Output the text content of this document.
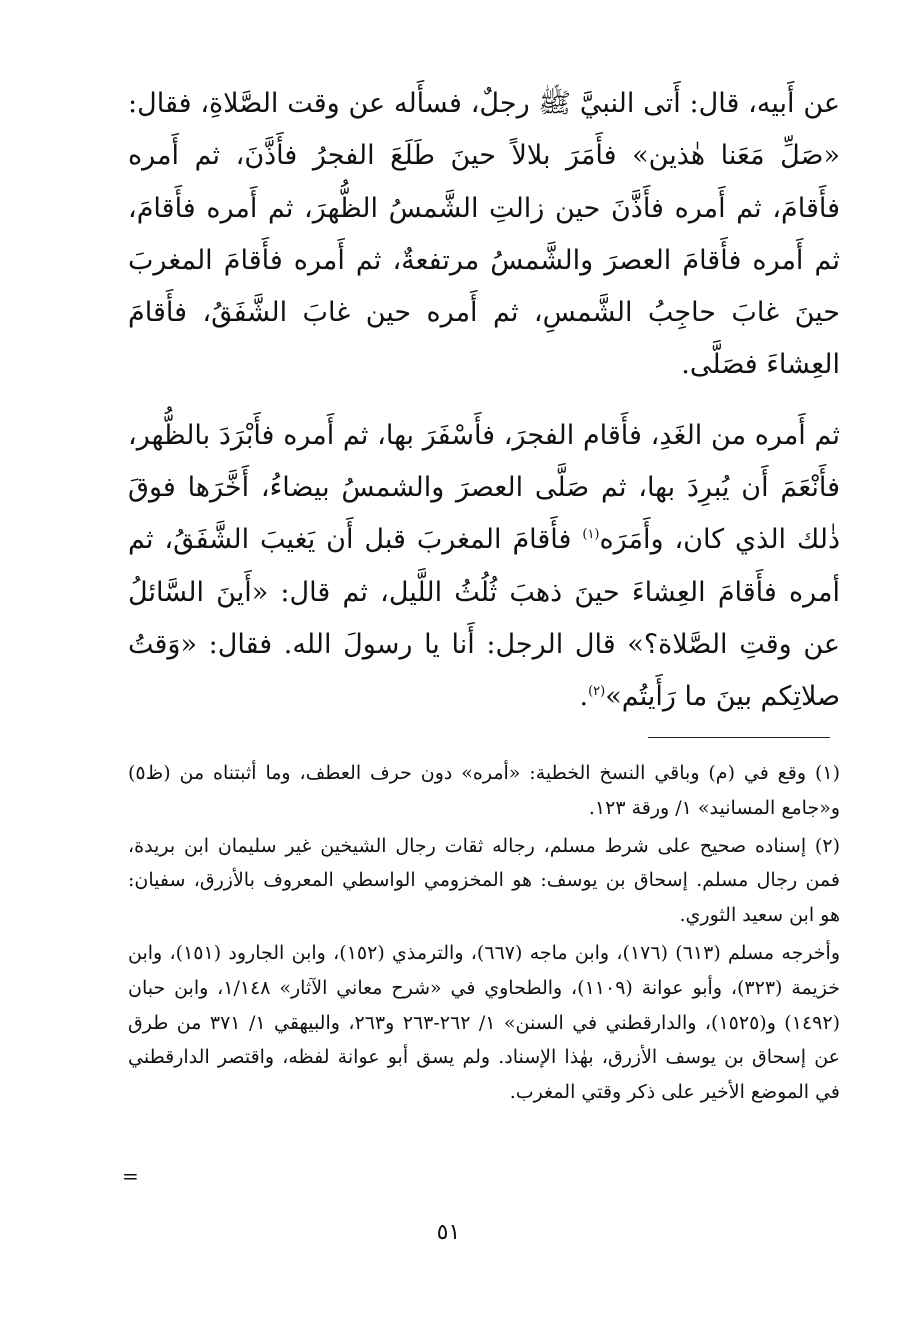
عن أَبيه، قال: أَتى النبيَّ ﷺ رجلٌ، فسأَله عن وقت الصَّلاةِ، فقال: «صَلِّ مَعَنا هٰذين» فأَمَرَ بلالاً حينَ طَلَعَ الفجرُ فأَذَّنَ، ثم أَمره فأَقامَ، ثم أَمره فأَذَّنَ حين زالتِ الشَّمسُ الظُّهرَ، ثم أَمره فأَقامَ، ثم أَمره فأَقامَ العصرَ والشَّمسُ مرتفعةٌ، ثم أَمره فأَقامَ المغربَ حينَ غابَ حاجِبُ الشَّمسِ، ثم أَمره حين غابَ الشَّفَقُ، فأَقامَ العِشاءَ فصَلَّى.

ثم أَمره من الغَدِ، فأَقام الفجرَ، فأَسْفَرَ بها، ثم أَمره فأَبْرَدَ بالظُّهر، فأَنْعَمَ أَن يُبرِدَ بها، ثم صَلَّى العصرَ والشمسُ بيضاءُ، أَخَّرَها فوقَ ذٰلك الذي كان، وأَمَرَه$^{(١)}$ فأَقامَ المغربَ قبل أَن يَغيبَ الشَّفَقُ، ثم أمره فأَقامَ العِشاءَ حينَ ذهبَ ثُلُثُ اللَّيل، ثم قال: «أَينَ السَّائلُ عن وقتِ الصَّلاة؟» قال الرجل: أَنا يا رسولَ الله. فقال: «وَقتُ صلاتِكم بينَ ما رَأَيتُم»$^{(٢)}$.

(١) وقع في (م) وباقي النسخ الخطية: «أمره» دون حرف العطف، وما أثبتناه من (ظ٥) و«جامع المسانيد» ١/ ورقة ١٢٣.

(٢) إسناده صحيح على شرط مسلم، رجاله ثقات رجال الشيخين غير سليمان ابن بريدة، فمن رجال مسلم. إسحاق بن يوسف: هو المخزومي الواسطي المعروف بالأزرق، سفيان: هو ابن سعيد الثوري.

وأخرجه مسلم (٦١٣) (١٧٦)، وابن ماجه (٦٦٧)، والترمذي (١٥٢)، وابن الجارود (١٥١)، وابن خزيمة (٣٢٣)، وأبو عوانة (١١٠٩)، والطحاوي في «شرح معاني الآثار» ١/١٤٨، وابن حبان (١٤٩٢) و(١٥٢٥)، والدارقطني في السنن» ١/ ٢٦٢-٢٦٣ و٢٦٣، والبيهقي ١/ ٣٧١ من طرق عن إسحاق بن يوسف الأزرق، بهٰذا الإسناد. ولم يسق أبو عوانة لفظه، واقتصر الدارقطني في الموضع الأخير على ذكر وقتي المغرب.

=
٥١
